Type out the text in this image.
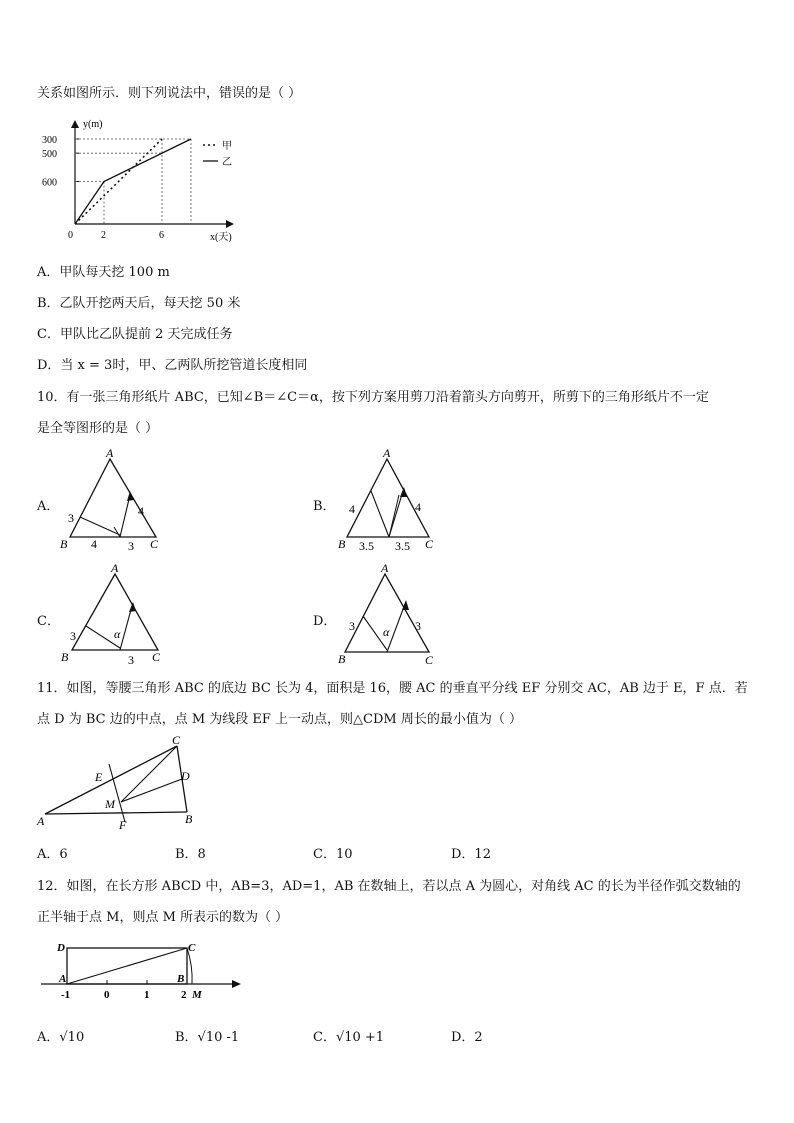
关系如图所示．则下列说法中，错误的是（ ）
y(m)
x(天)
600
500
300
0	2	6
甲
乙
A．甲队每天挖 100 m
B．乙队开挖两天后，每天挖 50 米
C．甲队比乙队提前 2 天完成任务
D．当 x = 3时，甲、乙两队所挖管道长度相同
10．有一张三角形纸片 ABC，已知∠B＝∠C＝α，按下列方案用剪刀沿着箭头方向剪开，所剪下的三角形纸片不一定
是全等图形的是（ ）
A．
A
B	C
3
4	3
4	B．
A
B	C
4	4
3.5 3.5
C．
A
B	C
3
3
α
D．
A
B	C
3	3
α
11．如图，等腰三角形 ABC 的底边 BC 长为 4，面积是 16，腰 AC 的垂直平分线 EF 分别交 AC，AB 边于 E，F 点．若
点 D 为 BC 边的中点，点 M 为线段 EF 上一动点，则△CDM 周长的最小值为（ ）
C
E	D
M
A	F	B
A．6	B．8	C．10	D．12
12．如图，在长方形 ABCD 中，AB=3，AD=1，AB 在数轴上，若以点 A 为圆心，对角线 AC 的长为半径作弧交数轴的
正半轴于点 M，则点 M 所表示的数为（ ）
D	C
A	B
-1	0	1	2 M
A．√10	B．√10 -1	C．√10 +1	D．2
